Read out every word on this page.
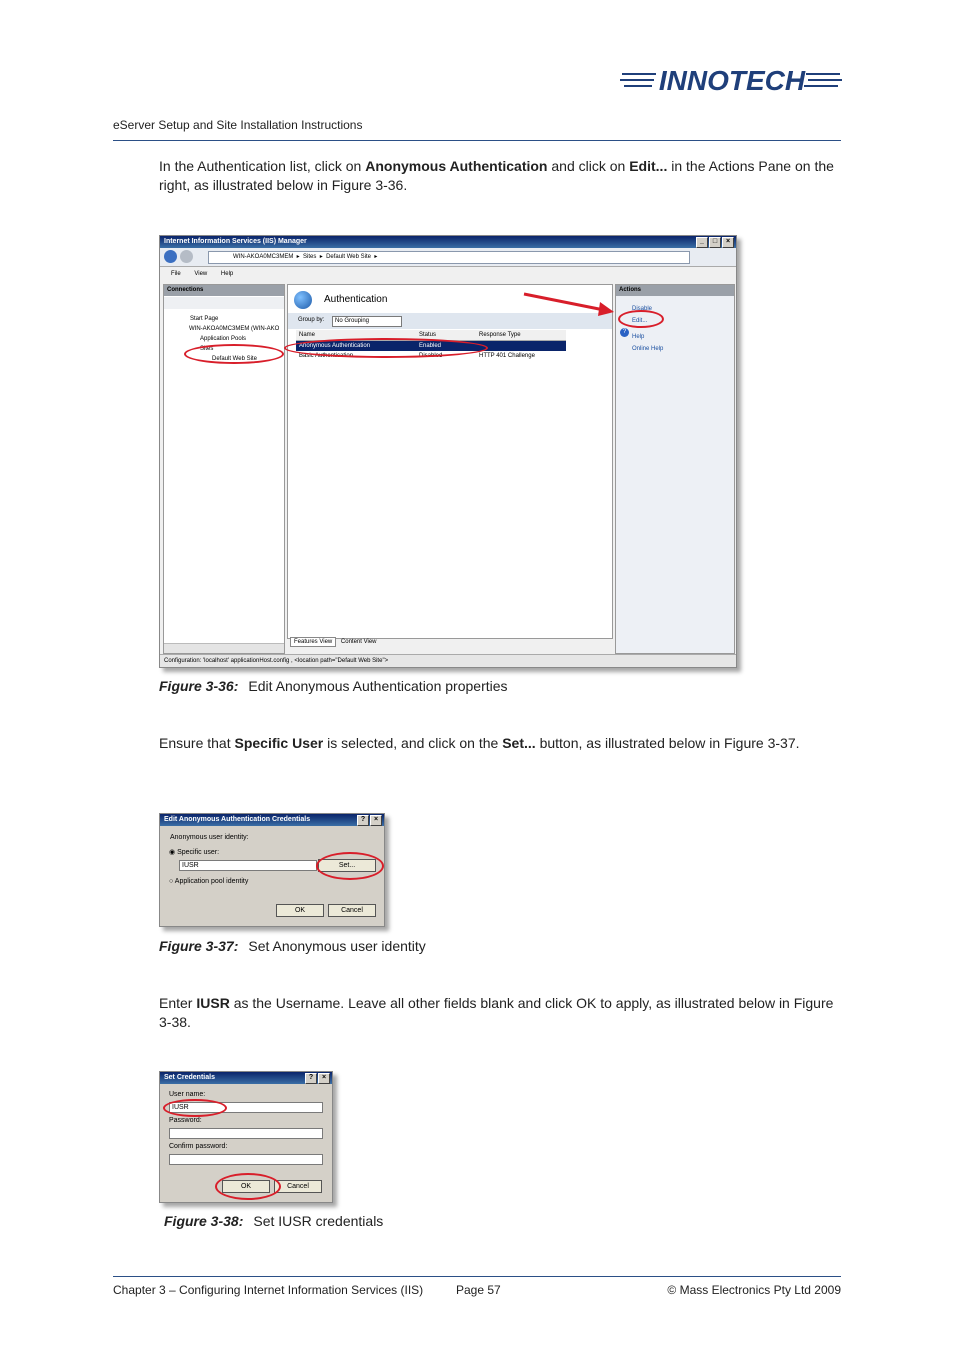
INNOTECH
eServer Setup and Site Installation Instructions
In the Authentication list, click on Anonymous Authentication and click on Edit... in the Actions Pane on the right, as illustrated below in Figure 3-36.
Internet Information Services (IIS) Manager	_	□	×
WIN-AKOA0MC3MEM  ▸  Sites  ▸  Default Web Site  ▸
File View Help
Connections
Start Page
WIN-AKOA0MC3MEM (WIN-AKO
Application Pools
Sites
Default Web Site
Authentication
Group by:	No Grouping
Name	Status	Response Type
Anonymous Authentication	Enabled
Basic Authentication	Disabled	HTTP 401 Challenge
Features View Content View
Actions
Disable
Edit...
Help
Online Help
?
Configuration: 'localhost' applicationHost.config , <location path="Default Web Site">
Figure 3-36: Edit Anonymous Authentication properties
Ensure that Specific User is selected, and click on the Set... button, as illustrated below in Figure 3-37.
Edit Anonymous Authentication Credentials	?	×
Anonymous user identity:
◉ Specific user:
IUSR	Set...
○ Application pool identity
OK	Cancel
Figure 3-37: Set Anonymous user identity
Enter IUSR as the Username. Leave all other fields blank and click OK to apply, as illustrated below in Figure 3-38.
Set Credentials	?	×
User name:
IUSR
Password:
Confirm password:
OK	Cancel
Figure 3-38: Set IUSR credentials
Chapter 3 – Configuring Internet Information Services (IIS)	Page 57	© Mass Electronics Pty Ltd 2009
